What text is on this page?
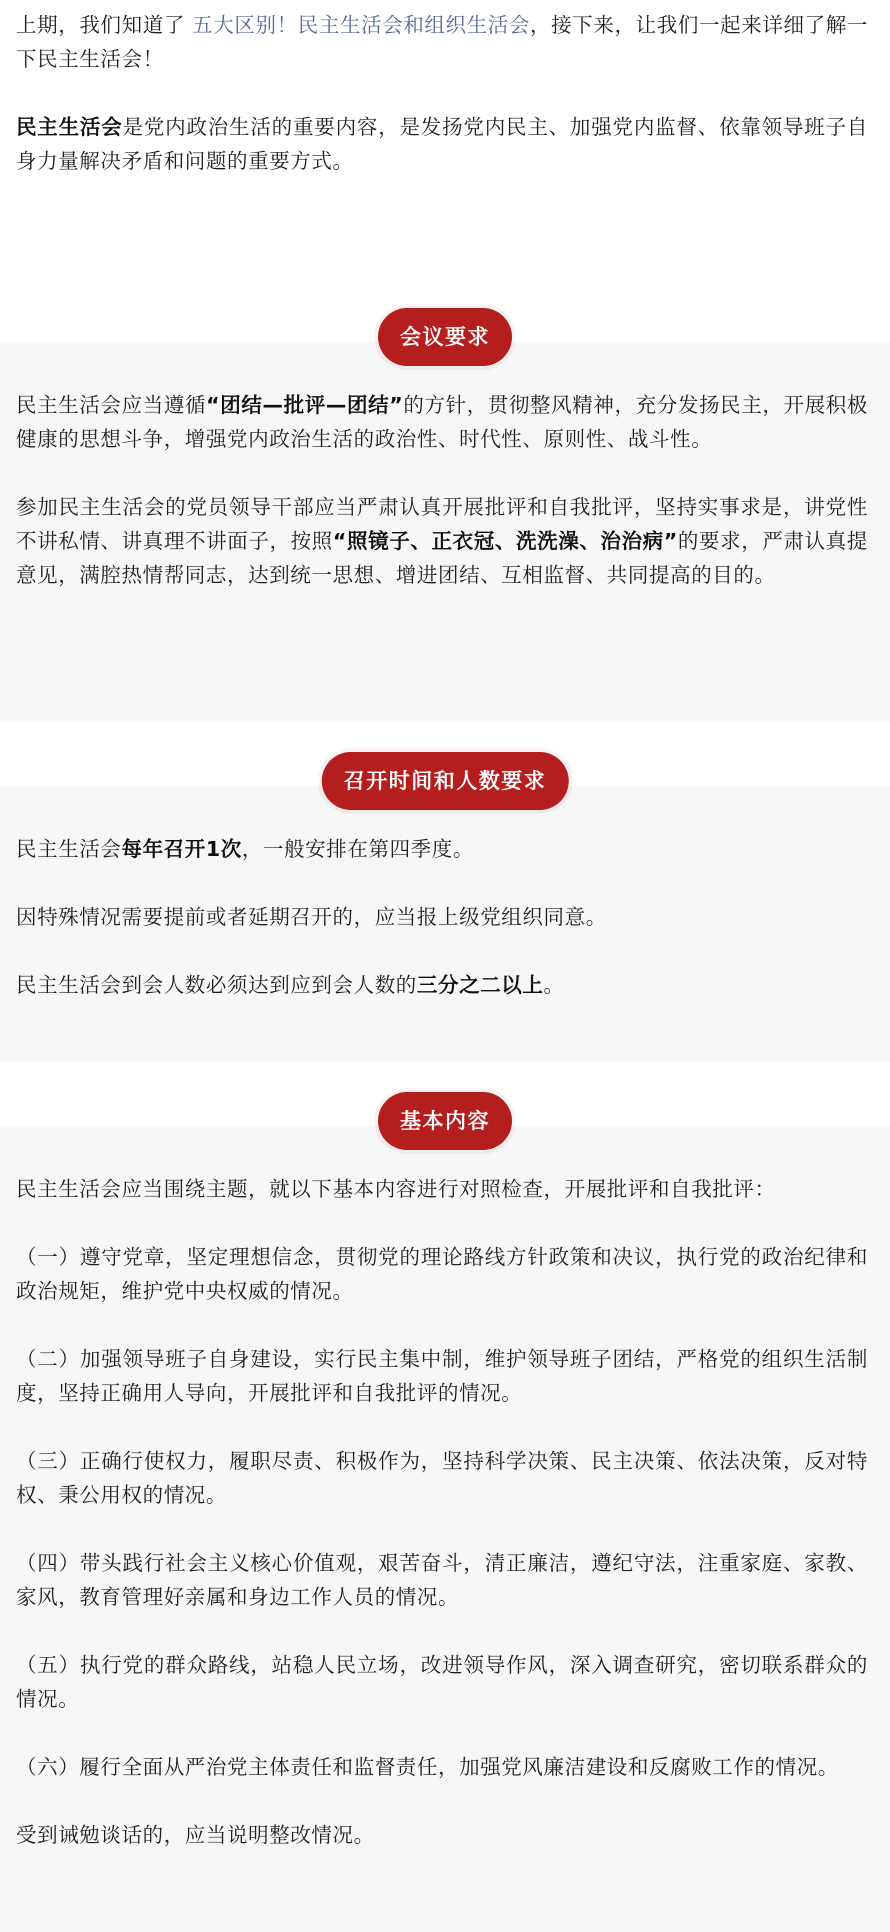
上期，我们知道了 五大区别！民主生活会和组织生活会，接下来，让我们一起来详细了解一下民主生活会！

民主生活会是党内政治生活的重要内容，是发扬党内民主、加强党内监督、依靠领导班子自身力量解决矛盾和问题的重要方式。

会议要求

民主生活会应当遵循“团结—批评—团结”的方针，贯彻整风精神，充分发扬民主，开展积极健康的思想斗争，增强党内政治生活的政治性、时代性、原则性、战斗性。

参加民主生活会的党员领导干部应当严肃认真开展批评和自我批评，坚持实事求是，讲党性不讲私情、讲真理不讲面子，按照“照镜子、正衣冠、洗洗澡、治治病”的要求，严肃认真提意见，满腔热情帮同志，达到统一思想、增进团结、互相监督、共同提高的目的。

召开时间和人数要求

民主生活会每年召开1次，一般安排在第四季度。

因特殊情况需要提前或者延期召开的，应当报上级党组织同意。

民主生活会到会人数必须达到应到会人数的三分之二以上。

基本内容

民主生活会应当围绕主题，就以下基本内容进行对照检查，开展批评和自我批评：

（一）遵守党章，坚定理想信念，贯彻党的理论路线方针政策和决议，执行党的政治纪律和政治规矩，维护党中央权威的情况。

（二）加强领导班子自身建设，实行民主集中制，维护领导班子团结，严格党的组织生活制度，坚持正确用人导向，开展批评和自我批评的情况。

（三）正确行使权力，履职尽责、积极作为，坚持科学决策、民主决策、依法决策，反对特权、秉公用权的情况。

（四）带头践行社会主义核心价值观，艰苦奋斗，清正廉洁，遵纪守法，注重家庭、家教、家风，教育管理好亲属和身边工作人员的情况。

（五）执行党的群众路线，站稳人民立场，改进领导作风，深入调查研究，密切联系群众的情况。

（六）履行全面从严治党主体责任和监督责任，加强党风廉洁建设和反腐败工作的情况。

受到诫勉谈话的，应当说明整改情况。
